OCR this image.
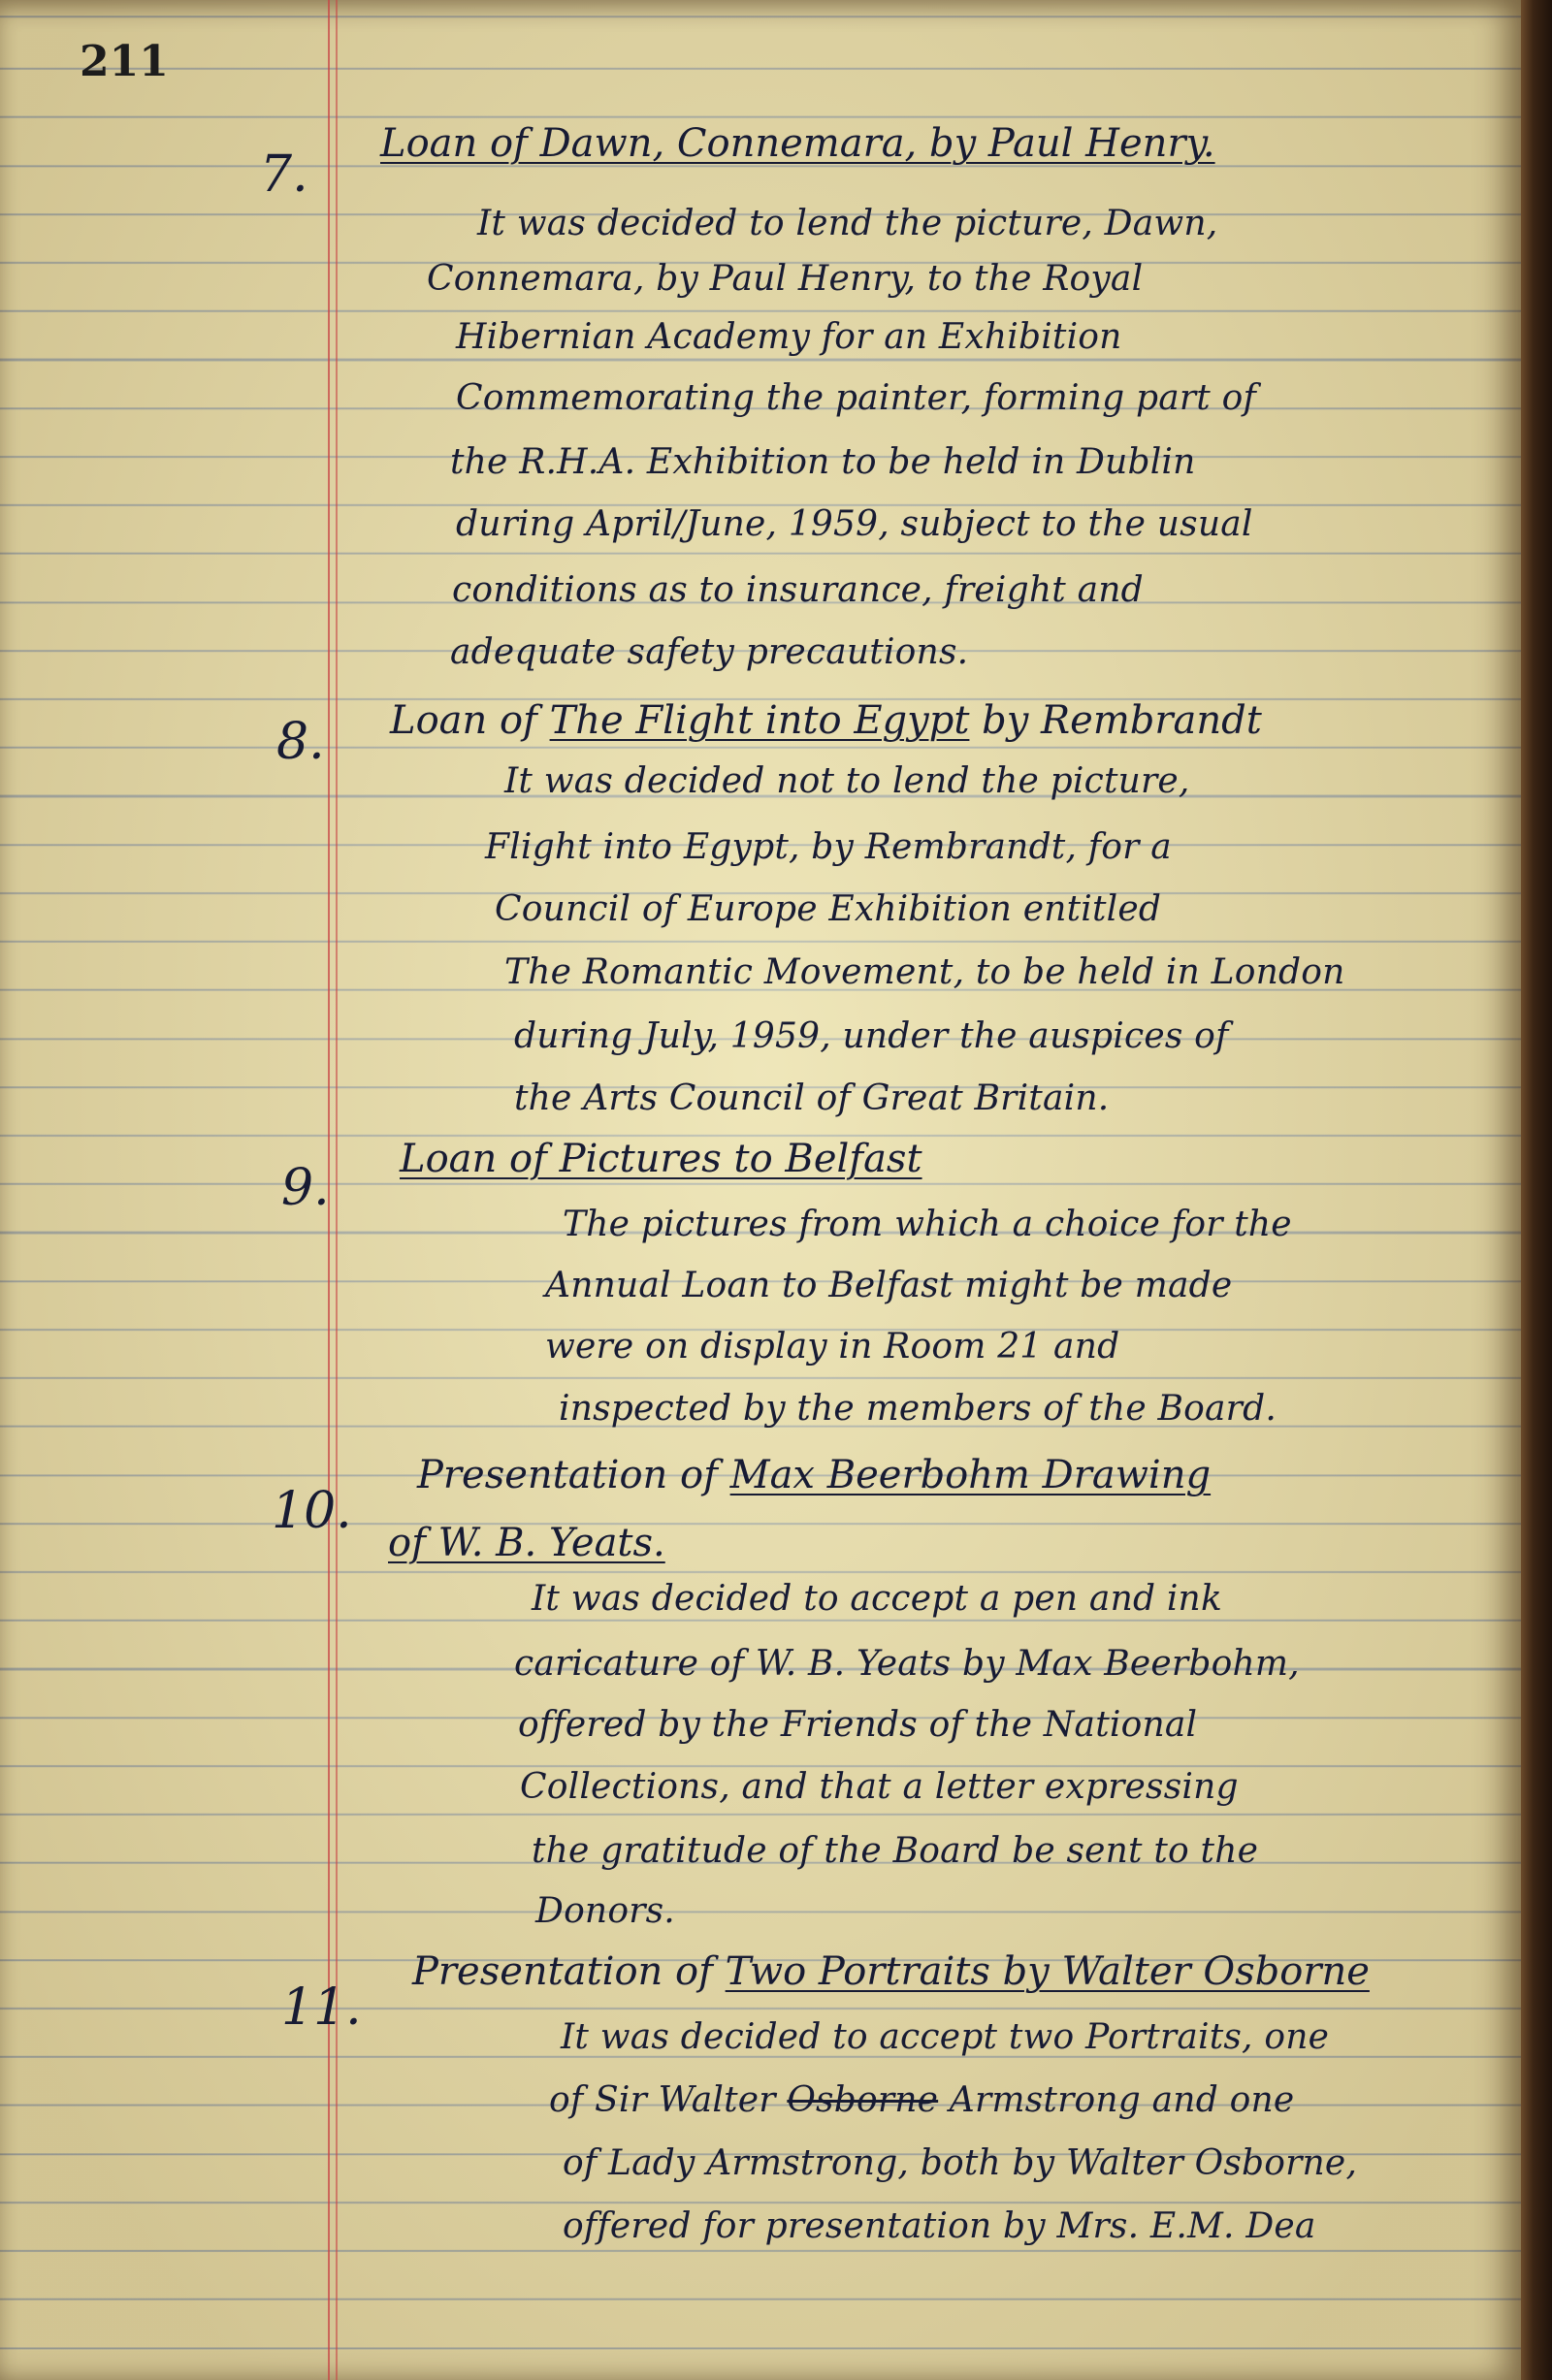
211
7.
Loan of Dawn, Connemara, by Paul Henry.
It was decided to lend the picture, Dawn,
Connemara, by Paul Henry, to the Royal
Hibernian Academy for an Exhibition
Commemorating the painter, forming part of
the R.H.A. Exhibition to be held in Dublin
during April/June, 1959, subject to the usual
conditions as to insurance, freight and
adequate safety precautions.
8. Loan of The Flight into Egypt by Rembrandt
It was decided not to lend the picture,
Flight into Egypt, by Rembrandt, for a
Council of Europe Exhibition entitled
The Romantic Movement, to be held in London
during July, 1959, under the auspices of
the Arts Council of Great Britain.
9. Loan of Pictures to Belfast
The pictures from which a choice for the
Annual Loan to Belfast might be made
were on display in Room 21 and
inspected by the members of the Board.
10.
Presentation of Max Beerbohm Drawing
of W. B. Yeats.
It was decided to accept a pen and ink
caricature of W. B. Yeats by Max Beerbohm,
offered by the Friends of the National
Collections, and that a letter expressing
the gratitude of the Board be sent to the
Donors.
11.
Presentation of Two Portraits by Walter Osborne
It was decided to accept two Portraits, one
of Sir Walter Osborne Armstrong and one
of Lady Armstrong, both by Walter Osborne,
offered for presentation by Mrs. E.M. Dea
